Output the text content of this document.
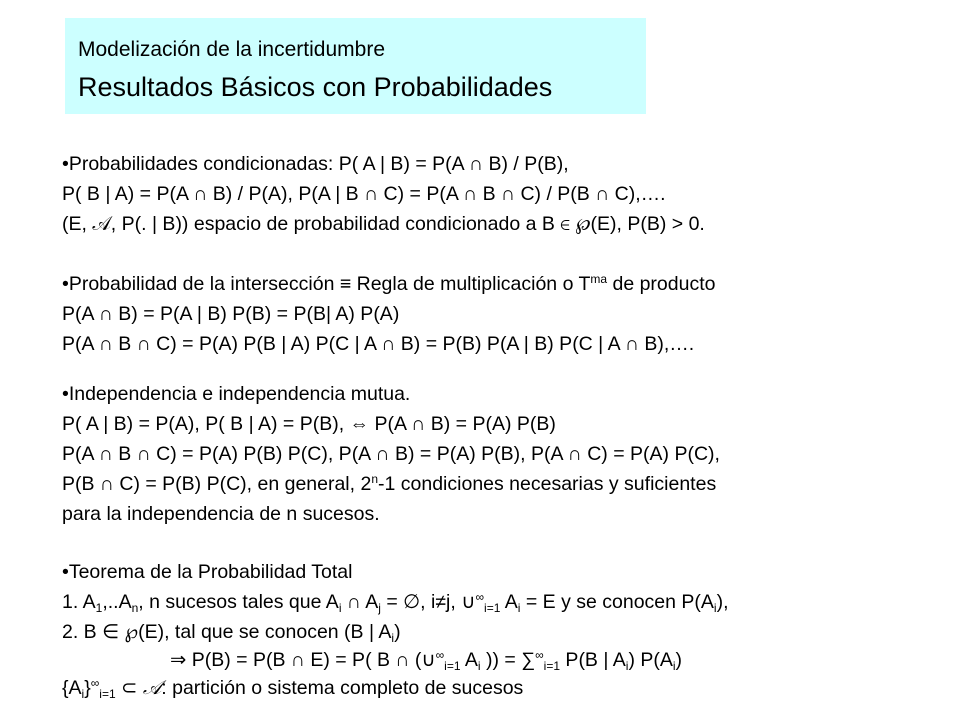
Modelización de la incertidumbre
Resultados Básicos con Probabilidades
•Probabilidades condicionadas: P( A | B) = P(A ∩ B) / P(B),
P( B | A) = P(A ∩ B) / P(A), P(A | B ∩ C) = P(A ∩ B ∩ C) / P(B ∩ C),….
(E, 𝒜, P(. | B)) espacio de probabilidad condicionado a B ∈ ℘(E), P(B) > 0.
•Probabilidad de la intersección ≡ Regla de multiplicación o $T^{ma}$ de producto
P(A ∩ B) = P(A | B) P(B) = P(B| A) P(A)
P(A ∩ B ∩ C) = P(A) P(B | A) P(C | A ∩ B) = P(B) P(A | B) P(C | A ∩ B),….
•Independencia e independencia mutua.
P( A | B) = P(A), P( B | A) = P(B), ⇔ P(A ∩ B) = P(A) P(B)
P(A ∩ B ∩ C) = P(A) P(B) P(C), P(A ∩ B) = P(A) P(B), P(A ∩ C) = P(A) P(C),
P(B ∩ C) = P(B) P(C), en general, 2$^n$-1 condiciones necesarias y suficientes
para la independencia de n sucesos.
•Teorema de la Probabilidad Total
1. $A_1,..A_n$, n sucesos tales que $A_i$ ∩ $A_j$ = ∅, i≠j, $\cup^\infty_{i=1}$ $A_i = E$ y se conocen $P(A_i)$,
2. B ∈ ℘(E), tal que se conocen (B | $A_i$)
⇒ P(B) = P(B ∩ E) = P( B ∩ ($\cup^\infty_{i=1}$ $A_i$ )) = $\sum^\infty_{i=1}$ P(B | $A_i$) $P(A_i)$
$\{A_i\}^\infty_{i=1}$ ⊂ 𝒜: partición o sistema completo de sucesos
